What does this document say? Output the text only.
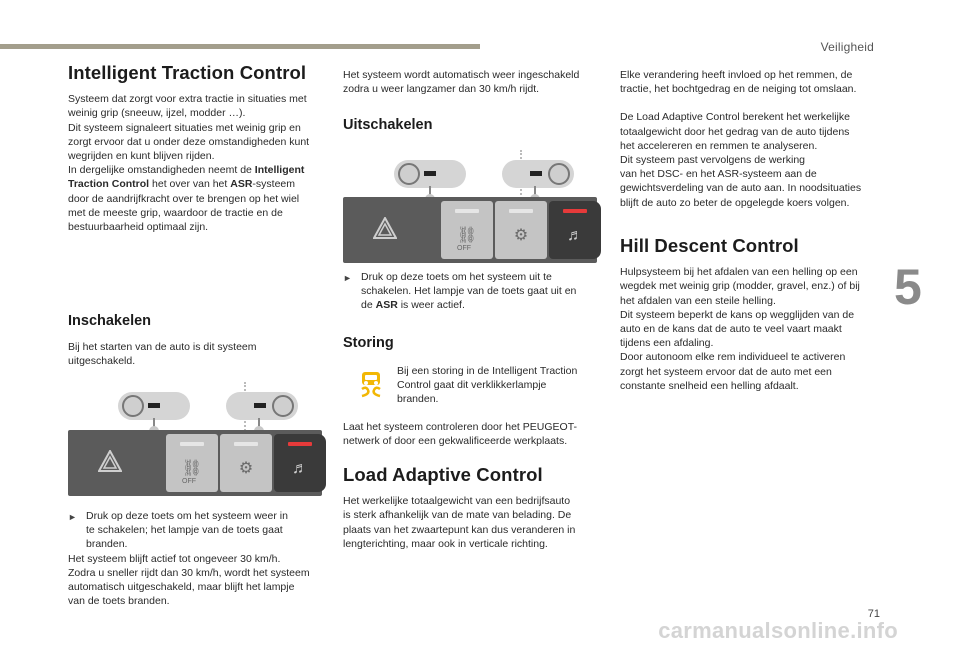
Veiligheid
5
71
carmanualsonline.info
Intelligent Traction Control

Systeem dat zorgt voor extra tractie in situaties met
weinig grip (sneeuw, ijzel, modder …).
Dit systeem signaleert situaties met weinig grip en
zorgt ervoor dat u onder deze omstandigheden kunt
wegrijden en kunt blijven rijden.
In dergelijke omstandigheden neemt de Intelligent
Traction Control het over van het ASR-systeem
door de aandrijfkracht over te brengen op het wiel
met de meeste grip, waardoor de tractie en de
bestuurbaarheid optimaal zijn.

Inschakelen

Bij het starten van de auto is dit systeem
uitgeschakeld.

⛓
OFF
⚙	♬
► Druk op deze toets om het systeem weer in
te schakelen; het lampje van de toets gaat
branden.

Het systeem blijft actief tot ongeveer 30 km/h.
Zodra u sneller rijdt dan 30 km/h, wordt het systeem
automatisch uitgeschakeld, maar blijft het lampje
van de toets branden.

Het systeem wordt automatisch weer ingeschakeld
zodra u weer langzamer dan 30 km/h rijdt.

Uitschakelen
⛓
OFF
⚙	♬
► Druk op deze toets om het systeem uit te
schakelen. Het lampje van de toets gaat uit en
de ASR is weer actief.
Storing

Bij een storing in de Intelligent Traction
Control gaat dit verklikkerlampje
branden.

Laat het systeem controleren door het PEUGEOT-
netwerk of door een gekwalificeerde werkplaats.

Load Adaptive Control

Het werkelijke totaalgewicht van een bedrijfsauto
is sterk afhankelijk van de mate van belading. De
plaats van het zwaartepunt kan dus veranderen in
lengterichting, maar ook in verticale richting.

Elke verandering heeft invloed op het remmen, de
tractie, het bochtgedrag en de neiging tot omslaan.

De Load Adaptive Control berekent het werkelijke
totaalgewicht door het gedrag van de auto tijdens
het accelereren en remmen te analyseren.
Dit systeem past vervolgens de werking
van het DSC- en het ASR-systeem aan de
gewichtsverdeling van de auto aan. In noodsituaties
blijft de auto zo beter de opgelegde koers volgen.

Hill Descent Control

Hulpsysteem bij het afdalen van een helling op een
wegdek met weinig grip (modder, gravel, enz.) of bij
het afdalen van een steile helling.
Dit systeem beperkt de kans op wegglijden van de
auto en de kans dat de auto te veel vaart maakt
tijdens een afdaling.
Door autonoom elke rem individueel te activeren
zorgt het systeem ervoor dat de auto met een
constante snelheid een helling afdaalt.
